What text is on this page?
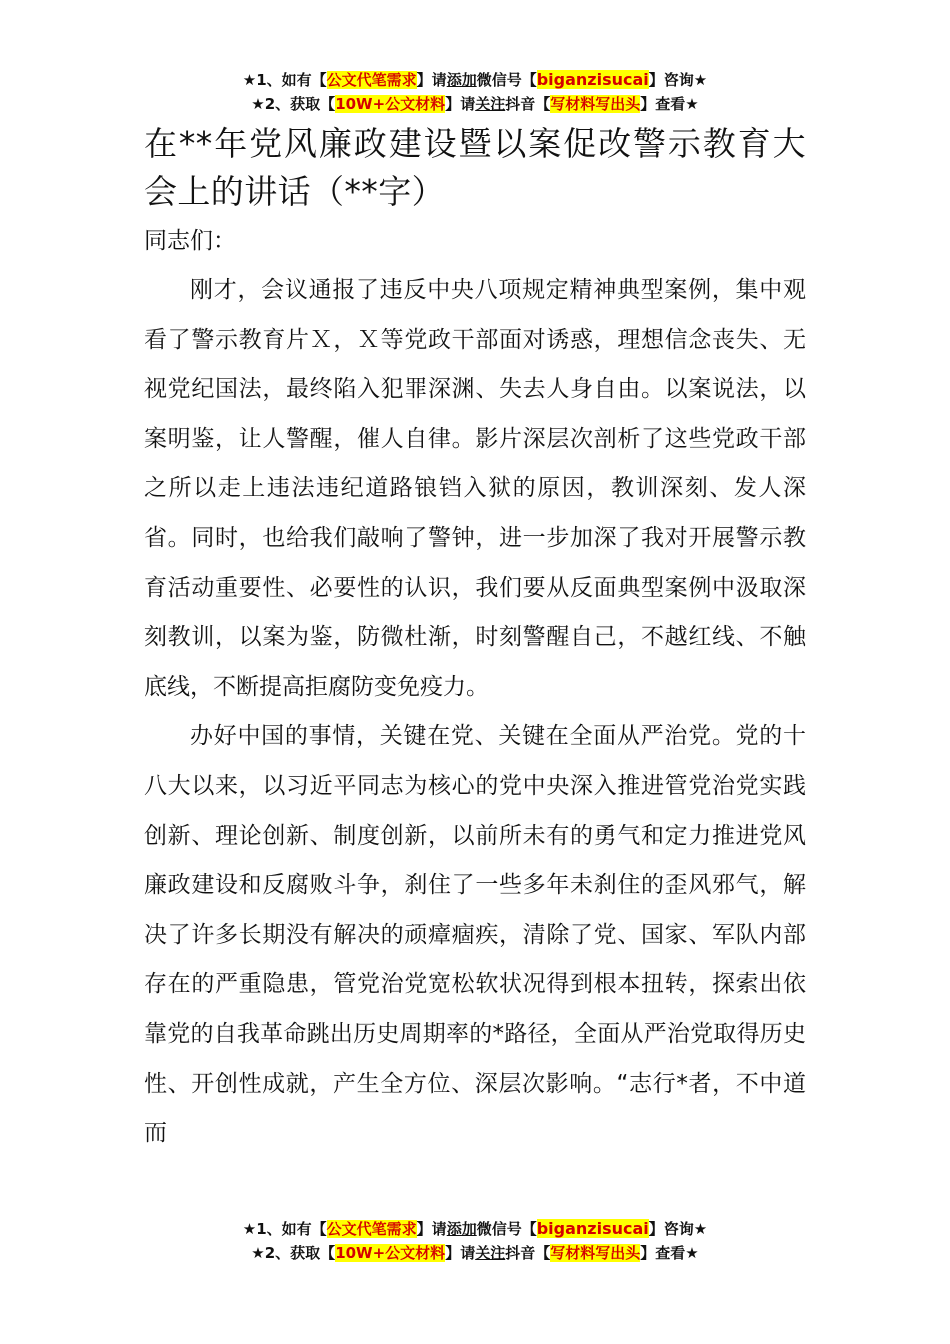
★1、如有【公文代笔需求】请添加微信号【biganzisucai】咨询★
★2、获取【10W+公文材料】请关注抖音【写材料写出头】查看★
在**年党风廉政建设暨以案促改警示教育大会上的讲话（**字）
同志们：

刚才，会议通报了违反中央八项规定精神典型案例，集中观看了警示教育片Ｘ，Ｘ等党政干部面对诱惑，理想信念丧失、无视党纪国法，最终陷入犯罪深渊、失去人身自由。以案说法，以案明鉴，让人警醒，催人自律。影片深层次剖析了这些党政干部之所以走上违法违纪道路锒铛入狱的原因，教训深刻、发人深省。同时，也给我们敲响了警钟，进一步加深了我对开展警示教育活动重要性、必要性的认识，我们要从反面典型案例中汲取深刻教训，以案为鉴，防微杜渐，时刻警醒自己，不越红线、不触底线，不断提高拒腐防变免疫力。

办好中国的事情，关键在党、关键在全面从严治党。党的十八大以来，以习近平同志为核心的党中央深入推进管党治党实践创新、理论创新、制度创新，以前所未有的勇气和定力推进党风廉政建设和反腐败斗争，刹住了一些多年未刹住的歪风邪气，解决了许多长期没有解决的顽瘴痼疾，清除了党、国家、军队内部存在的严重隐患，管党治党宽松软状况得到根本扭转，探索出依靠党的自我革命跳出历史周期率的*路径，全面从严治党取得历史性、开创性成就，产生全方位、深层次影响。“志行*者，不中道而

★1、如有【公文代笔需求】请添加微信号【biganzisucai】咨询★
★2、获取【10W+公文材料】请关注抖音【写材料写出头】查看★
